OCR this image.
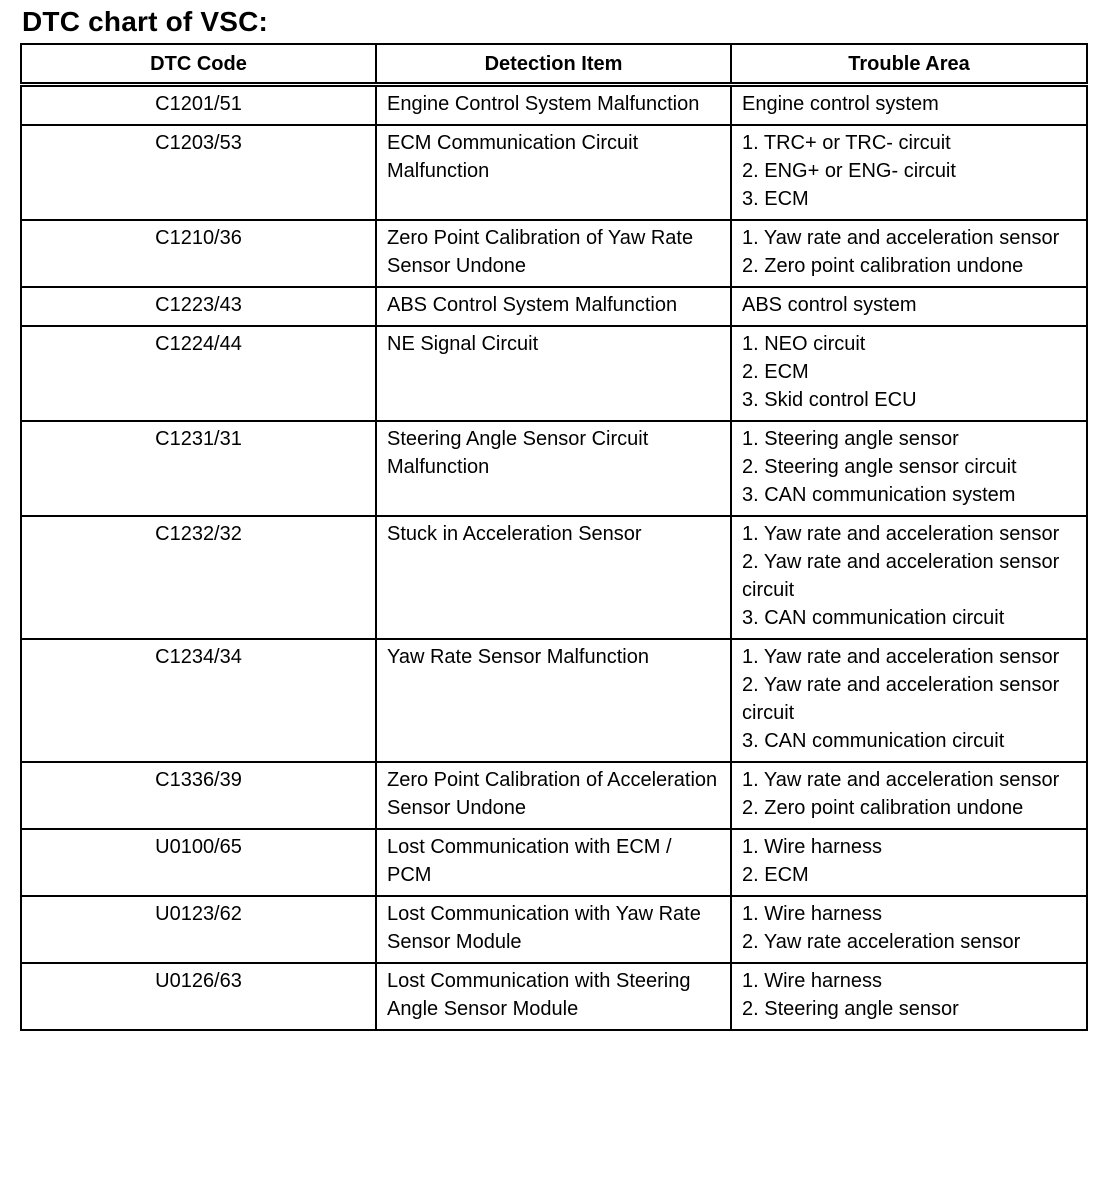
DTC chart of VSC:
DTC Code	Detection Item	Trouble Area
C1201/51	Engine Control System Malfunction	Engine control system

C1203/53	ECM Communication Circuit Malfunction	1. TRC+ or TRC- circuit
2. ENG+ or ENG- circuit
3. ECM

C1210/36	Zero Point Calibration of Yaw Rate Sensor Undone	1. Yaw rate and acceleration sensor
2. Zero point calibration undone

C1223/43	ABS Control System Malfunction	ABS control system

C1224/44	NE Signal Circuit	1. NEO circuit
2. ECM
3. Skid control ECU

C1231/31	Steering Angle Sensor Circuit Malfunction	1. Steering angle sensor
2. Steering angle sensor circuit
3. CAN communication system

C1232/32	Stuck in Acceleration Sensor	1. Yaw rate and acceleration sensor
2. Yaw rate and acceleration sensor circuit
3. CAN communication circuit

C1234/34	Yaw Rate Sensor Malfunction	1. Yaw rate and acceleration sensor
2. Yaw rate and acceleration sensor circuit
3. CAN communication circuit

C1336/39	Zero Point Calibration of Acceleration Sensor Undone	1. Yaw rate and acceleration sensor
2. Zero point calibration undone

U0100/65	Lost Communication with ECM / PCM	1. Wire harness
2. ECM

U0123/62	Lost Communication with Yaw Rate Sensor Module	1. Wire harness
2. Yaw rate acceleration sensor

U0126/63	Lost Communication with Steering Angle Sensor Module	1. Wire harness
2. Steering angle sensor
